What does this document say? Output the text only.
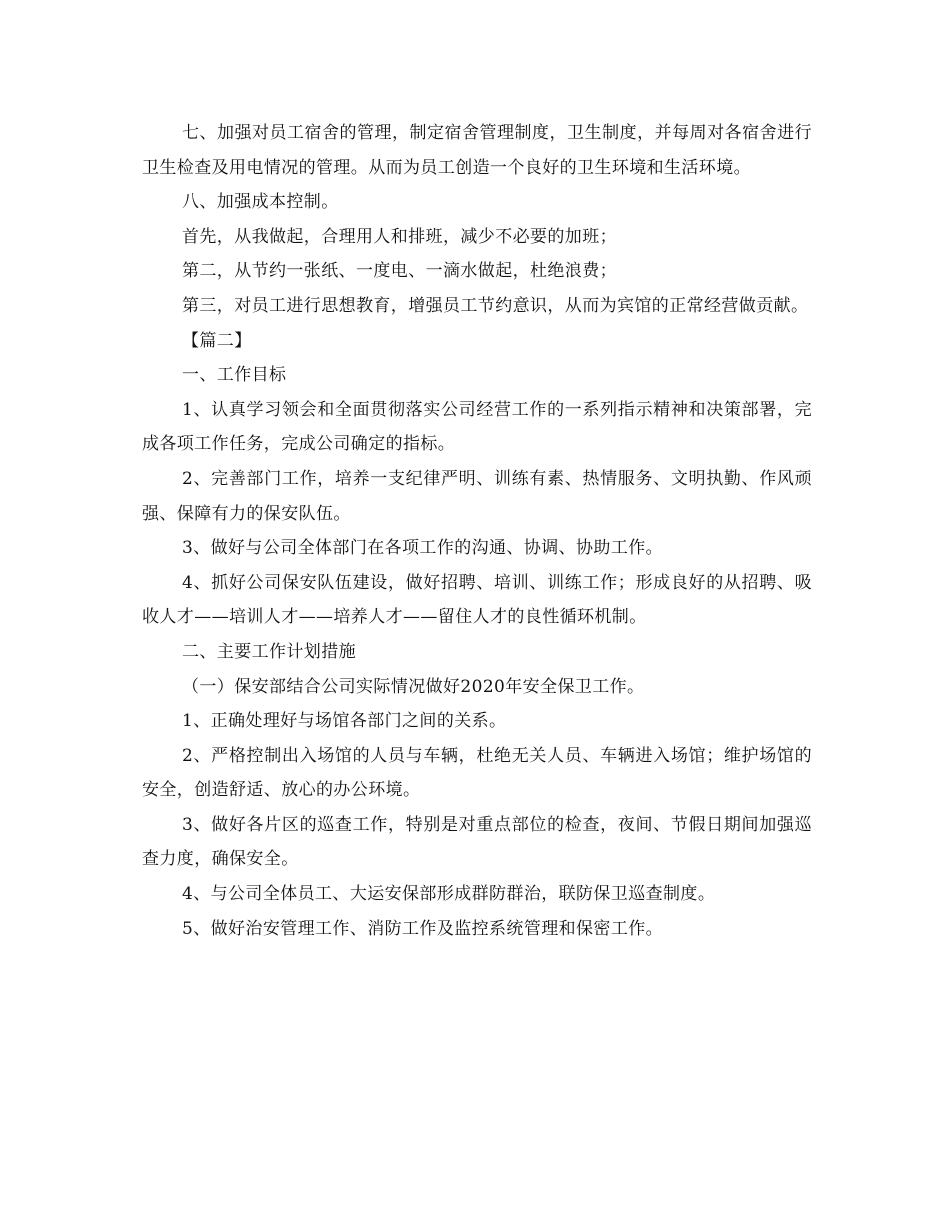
七、加强对员工宿舍的管理，制定宿舍管理制度，卫生制度，并每周对各宿舍进行卫生检查及用电情况的管理。从而为员工创造一个良好的卫生环境和生活环境。

八、加强成本控制。

首先，从我做起，合理用人和排班，减少不必要的加班；

第二，从节约一张纸、一度电、一滴水做起，杜绝浪费；

第三，对员工进行思想教育，增强员工节约意识，从而为宾馆的正常经营做贡献。

【篇二】

一、工作目标

1、认真学习领会和全面贯彻落实公司经营工作的一系列指示精神和决策部署，完成各项工作任务，完成公司确定的指标。

2、完善部门工作，培养一支纪律严明、训练有素、热情服务、文明执勤、作风顽强、保障有力的保安队伍。

3、做好与公司全体部门在各项工作的沟通、协调、协助工作。

4、抓好公司保安队伍建设，做好招聘、培训、训练工作；形成良好的从招聘、吸收人才——培训人才——培养人才——留住人才的良性循环机制。

二、主要工作计划措施

（一）保安部结合公司实际情况做好2020年安全保卫工作。

1、正确处理好与场馆各部门之间的关系。

2、严格控制出入场馆的人员与车辆，杜绝无关人员、车辆进入场馆；维护场馆的安全，创造舒适、放心的办公环境。

3、做好各片区的巡查工作，特别是对重点部位的检查，夜间、节假日期间加强巡查力度，确保安全。

4、与公司全体员工、大运安保部形成群防群治，联防保卫巡查制度。

5、做好治安管理工作、消防工作及监控系统管理和保密工作。
